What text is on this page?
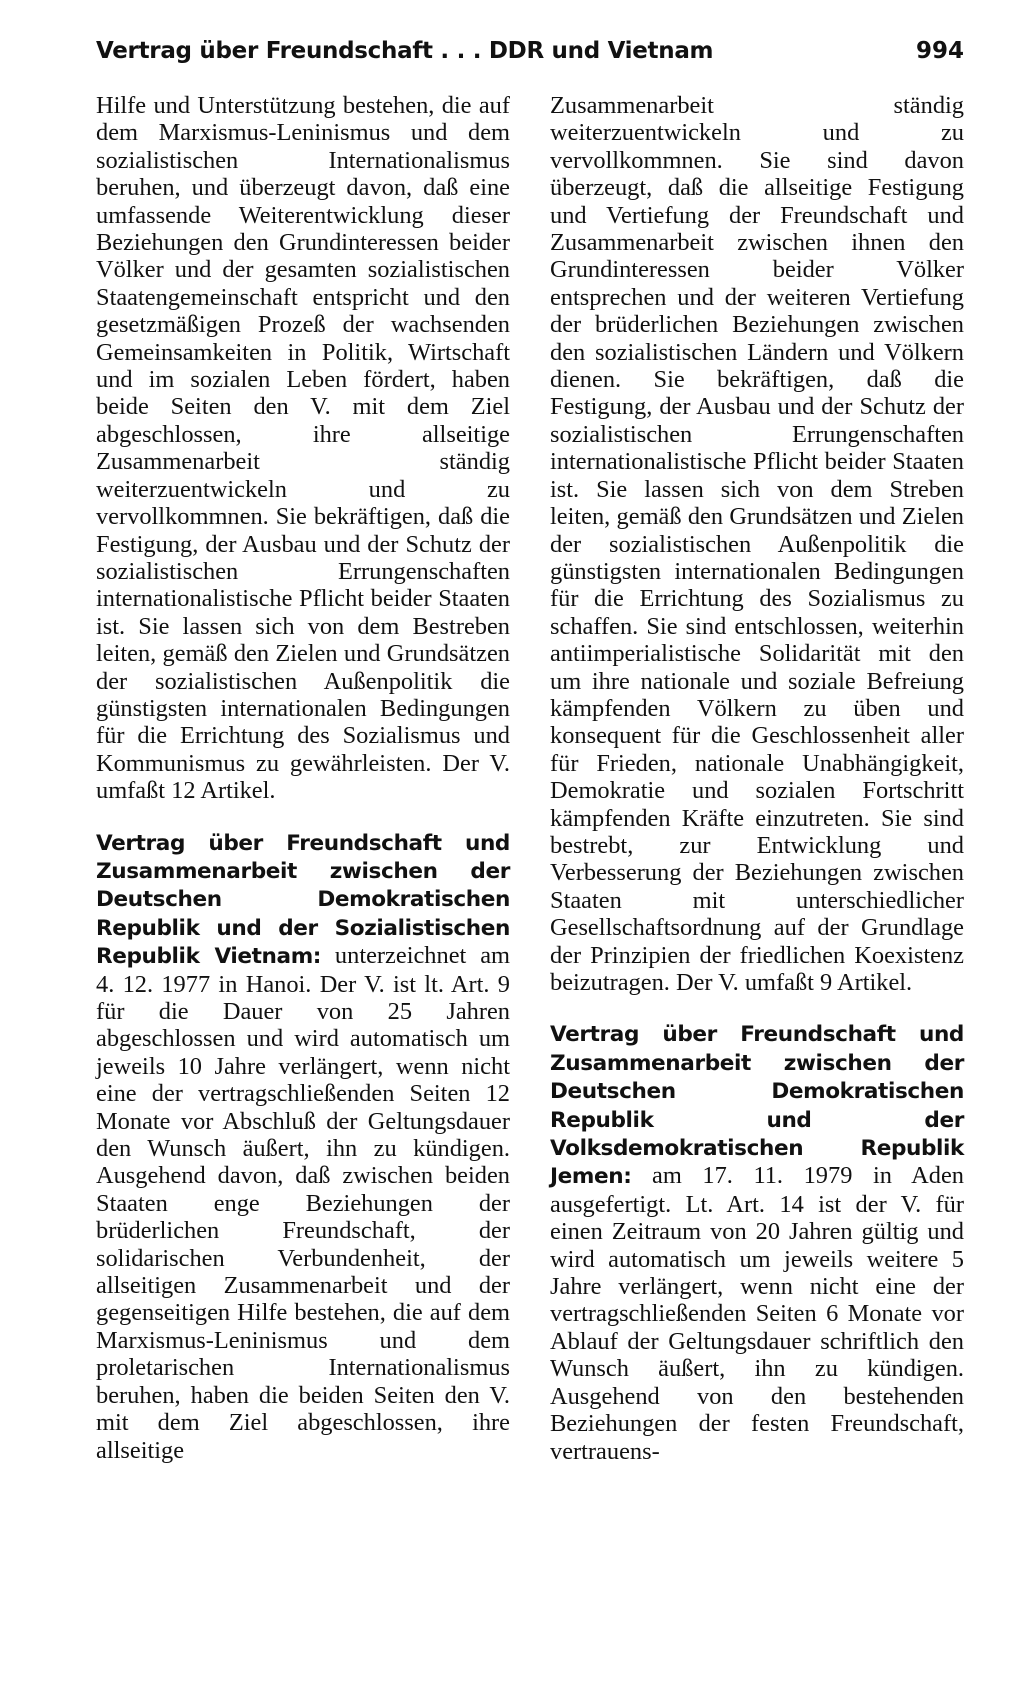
Vertrag über Freundschaft . . . DDR und Vietnam	994

Hilfe und Unterstützung bestehen, die auf dem Marxismus-Leninismus und dem sozialistischen Internationalismus beruhen, und überzeugt davon, daß eine umfassende Weiterentwicklung dieser Beziehungen den Grundinteressen beider Völker und der gesamten sozialistischen Staatengemeinschaft entspricht und den gesetzmäßigen Prozeß der wachsenden Gemeinsamkeiten in Politik, Wirtschaft und im sozialen Leben fördert, haben beide Seiten den V. mit dem Ziel abgeschlossen, ihre allseitige Zusammenarbeit ständig weiterzuentwickeln und zu vervollkommnen. Sie bekräftigen, daß die Festigung, der Ausbau und der Schutz der sozialistischen Errungenschaften internationalistische Pflicht beider Staaten ist. Sie lassen sich von dem Bestreben leiten, gemäß den Zielen und Grundsätzen der sozialistischen Außenpolitik die günstigsten internationalen Bedingungen für die Errichtung des Sozialismus und Kommunismus zu gewährleisten. Der V. umfaßt 12 Artikel.

Vertrag über Freundschaft und Zusammenarbeit zwischen der Deutschen Demokratischen Republik und der Sozialistischen Republik Vietnam: unterzeichnet am 4. 12. 1977 in Hanoi. Der V. ist lt. Art. 9 für die Dauer von 25 Jahren abgeschlossen und wird automatisch um jeweils 10 Jahre verlängert, wenn nicht eine der vertragschließenden Seiten 12 Monate vor Abschluß der Geltungsdauer den Wunsch äußert, ihn zu kündigen. Ausgehend davon, daß zwischen beiden Staaten enge Beziehungen der brüderlichen Freundschaft, der solidarischen Verbundenheit, der allseitigen Zusammenarbeit und der gegenseitigen Hilfe bestehen, die auf dem Marxismus-Leninismus und dem proletarischen Internationalismus beruhen, haben die beiden Seiten den V. mit dem Ziel abgeschlossen, ihre allseitige

Zusammenarbeit ständig weiterzuentwickeln und zu vervollkommnen. Sie sind davon überzeugt, daß die allseitige Festigung und Vertiefung der Freundschaft und Zusammenarbeit zwischen ihnen den Grundinteressen beider Völker entsprechen und der weiteren Vertiefung der brüderlichen Beziehungen zwischen den sozialistischen Ländern und Völkern dienen. Sie bekräftigen, daß die Festigung, der Ausbau und der Schutz der sozialistischen Errungenschaften internationalistische Pflicht beider Staaten ist. Sie lassen sich von dem Streben leiten, gemäß den Grundsätzen und Zielen der sozialistischen Außenpolitik die günstigsten internationalen Bedingungen für die Errichtung des Sozialismus zu schaffen. Sie sind entschlossen, weiterhin antiimperialistische Solidarität mit den um ihre nationale und soziale Befreiung kämpfenden Völkern zu üben und konsequent für die Geschlossenheit aller für Frieden, nationale Unabhängigkeit, Demokratie und sozialen Fortschritt kämpfenden Kräfte einzutreten. Sie sind bestrebt, zur Entwicklung und Verbesserung der Beziehungen zwischen Staaten mit unterschiedlicher Gesellschaftsordnung auf der Grundlage der Prinzipien der friedlichen Koexistenz beizutragen. Der V. umfaßt 9 Artikel.

Vertrag über Freundschaft und Zusammenarbeit zwischen der Deutschen Demokratischen Republik und der Volksdemokratischen Republik Jemen: am 17. 11. 1979 in Aden ausgefertigt. Lt. Art. 14 ist der V. für einen Zeitraum von 20 Jahren gültig und wird automatisch um jeweils weitere 5 Jahre verlängert, wenn nicht eine der vertragschließenden Seiten 6 Monate vor Ablauf der Geltungsdauer schriftlich den Wunsch äußert, ihn zu kündigen. Ausgehend von den bestehenden Beziehungen der festen Freundschaft, vertrauens-
